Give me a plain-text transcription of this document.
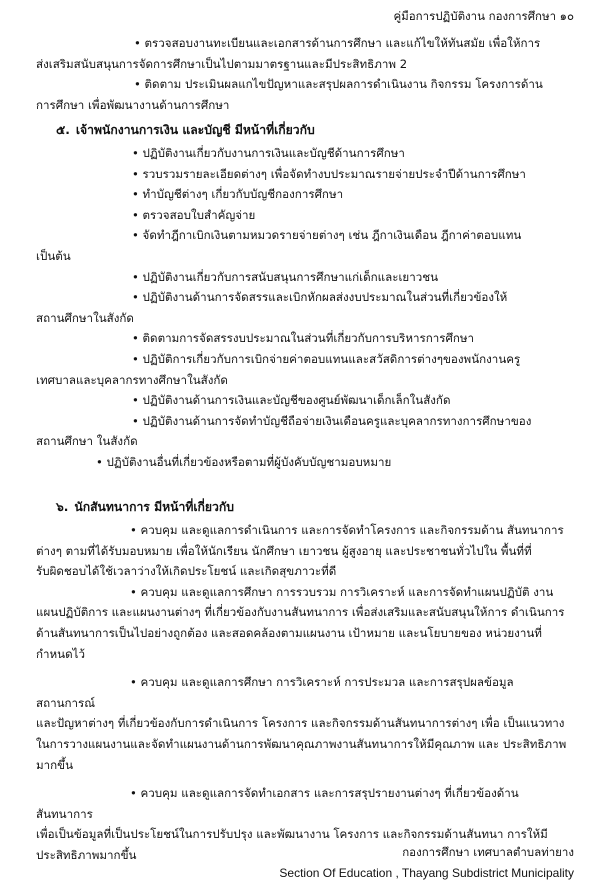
คู่มือการปฏิบัติงาน กองการศึกษา ๑๐

• ตรวจสอบงานทะเบียนและเอกสารด้านการศึกษา และแก้ไขให้ทันสมัย เพื่อให้การ

ส่งเสริมสนับสนุนการจัดการศึกษาเป็นไปตามมาตรฐานและมีประสิทธิภาพ 2

• ติดตาม ประเมินผลแกไขปัญหาและสรุปผลการดำเนินงาน กิจกรรม โครงการด้าน

การศึกษา เพื่อพัฒนางานด้านการศึกษา

๕. เจ้าพนักงานการเงิน และบัญชี มีหน้าที่เกี่ยวกับ

• ปฏิบัติงานเกี่ยวกับงานการเงินและบัญชีด้านการศึกษา

• รวบรวมรายละเอียดต่างๆ เพื่อจัดทำงบประมาณรายจ่ายประจำปีด้านการศึกษา

• ทำบัญชีต่างๆ เกี่ยวกับบัญชีกองการศึกษา

• ตรวจสอบใบสำคัญจ่าย

• จัดทำฎีกาเบิกเงินตามหมวดรายจ่ายต่างๆ เช่น ฎีกาเงินเดือน ฎีกาค่าตอบแทน

เป็นต้น

• ปฏิบัติงานเกี่ยวกับการสนับสนุนการศึกษาแก่เด็กและเยาวชน

• ปฏิบัติงานด้านการจัดสรรและเบิกหักผลส่งงบประมาณในส่วนที่เกี่ยวข้องให้

สถานศึกษาในสังกัด

• ติดตามการจัดสรรงบประมาณในส่วนที่เกี่ยวกับการบริหารการศึกษา

• ปฏิบัติการเกี่ยวกับการเบิกจ่ายค่าตอบแทนและสวัสดิการต่างๆของพนักงานครู

เทศบาลและบุคลากรทางศึกษาในสังกัด

• ปฏิบัติงานด้านการเงินและบัญชีของศูนย์พัฒนาเด็กเล็กในสังกัด

• ปฏิบัติงานด้านการจัดทำบัญชีถือจ่ายเงินเดือนครูและบุคลากรทางการศึกษาของ

สถานศึกษา ในสังกัด

• ปฏิบัติงานอื่นที่เกี่ยวข้องหรือตามที่ผู้บังคับบัญชามอบหมาย

๖. นักสันทนาการ มีหน้าที่เกี่ยวกับ

• ควบคุม และดูแลการดำเนินการ และการจัดทำโครงการ และกิจกรรมด้าน สันทนาการ

ต่างๆ ตามที่ได้รับมอบหมาย เพื่อให้นักเรียน นักศึกษา เยาวชน ผู้สูงอายุ และประชาชนทั่วไปใน พื้นที่ที่

รับผิดชอบได้ใช้เวลาว่างให้เกิดประโยชน์ และเกิดสุขภาวะที่ดี

• ควบคุม และดูแลการศึกษา การรวบรวม การวิเคราะห์ และการจัดทำแผนปฏิบัติ งาน

แผนปฏิบัติการ และแผนงานต่างๆ ที่เกี่ยวข้องกับงานสันทนาการ เพื่อส่งเสริมและสนับสนุนให้การ ดำเนินการ

ด้านสันทนาการเป็นไปอย่างถูกต้อง และสอดคล้องตามแผนงาน เป้าหมาย และนโยบายของ หน่วยงานที่

กำหนดไว้

• ควบคุม และดูแลการศึกษา การวิเคราะห์ การประมวล และการสรุปผลข้อมูล สถานการณ์

และปัญหาต่างๆ ที่เกี่ยวข้องกับการดำเนินการ โครงการ และกิจกรรมด้านสันทนาการต่างๆ เพื่อ เป็นแนวทาง

ในการวางแผนงานและจัดทำแผนงานด้านการพัฒนาคุณภาพงานสันทนาการให้มีคุณภาพ และ ประสิทธิภาพ

มากขึ้น

• ควบคุม และดูแลการจัดทำเอกสาร และการสรุปรายงานต่างๆ ที่เกี่ยวข้องด้าน สันทนาการ

เพื่อเป็นข้อมูลที่เป็นประโยชน์ในการปรับปรุง และพัฒนางาน โครงการ และกิจกรรมด้านสันทนา การให้มี

ประสิทธิภาพมากขึ้น	กองการศึกษา เทศบาลตำบลท่ายาง
Section Of Education , Thayang Subdistrict Municipality
